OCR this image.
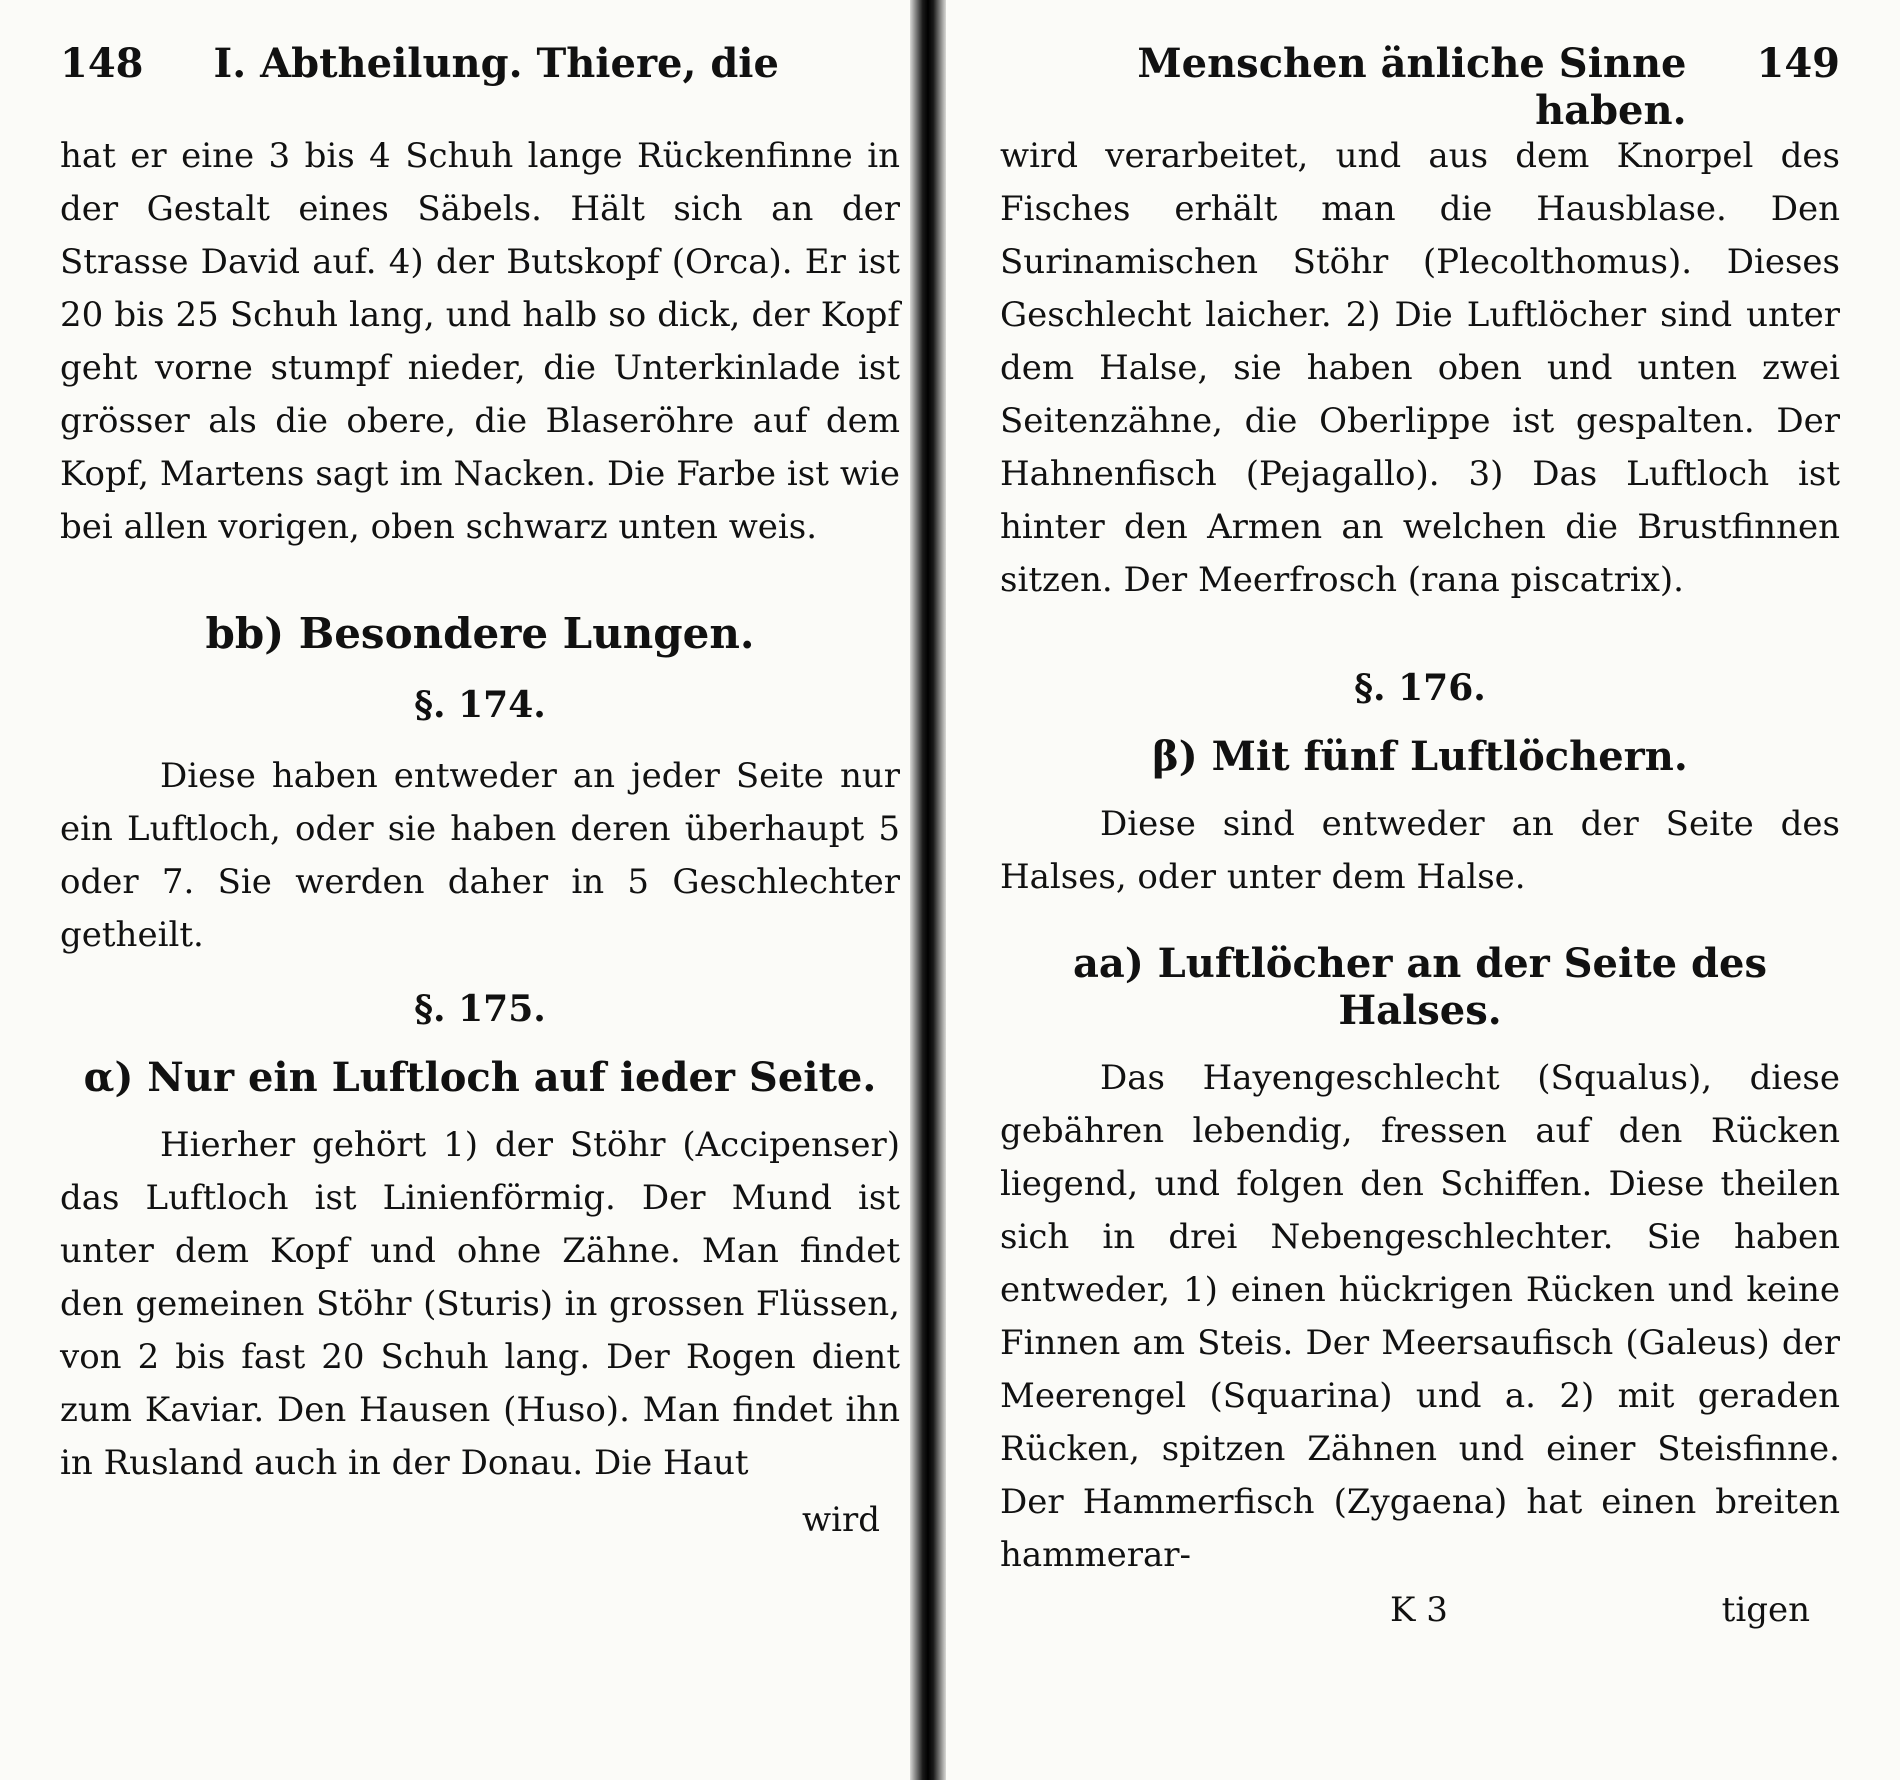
148	I. Abtheilung. Thiere, die

hat er eine 3 bis 4 Schuh lange Rückenfinne in der Gestalt eines Säbels. Hält sich an der Strasse David auf. 4) der Butskopf (Orca). Er ist 20 bis 25 Schuh lang, und halb so dick, der Kopf geht vorne stumpf nieder, die Unterkinlade ist grösser als die obere, die Blaseröhre auf dem Kopf, Martens sagt im Nacken. Die Farbe ist wie bei allen vorigen, oben schwarz unten weis.

bb) Besondere Lungen.
§. 174.

Diese haben entweder an jeder Seite nur ein Luftloch, oder sie haben deren überhaupt 5 oder 7. Sie werden daher in 5 Geschlechter getheilt.

§. 175.
α) Nur ein Luftloch auf ieder Seite.

Hierher gehört 1) der Stöhr (Accipenser) das Luftloch ist Linienförmig. Der Mund ist unter dem Kopf und ohne Zähne. Man findet den gemeinen Stöhr (Sturis) in grossen Flüssen, von 2 bis fast 20 Schuh lang. Der Rogen dient zum Kaviar. Den Hausen (Huso). Man findet ihn in Rusland auch in der Donau. Die Haut

wird
Menschen änliche Sinne haben.
149

wird verarbeitet, und aus dem Knorpel des Fisches erhält man die Hausblase. Den Surinamischen Stöhr (Plecolthomus). Dieses Geschlecht laicher. 2) Die Luftlöcher sind unter dem Halse, sie haben oben und unten zwei Seitenzähne, die Oberlippe ist gespalten. Der Hahnenfisch (Pejagallo). 3) Das Luftloch ist hinter den Armen an welchen die Brustfinnen sitzen. Der Meerfrosch (rana piscatrix).

§. 176.
β) Mit fünf Luftlöchern.

Diese sind entweder an der Seite des Halses, oder unter dem Halse.

aa) Luftlöcher an der Seite des Halses.

Das Hayengeschlecht (Squalus), diese gebähren lebendig, fressen auf den Rücken liegend, und folgen den Schiffen. Diese theilen sich in drei Nebengeschlechter. Sie haben entweder, 1) einen hückrigen Rücken und keine Finnen am Steis. Der Meersaufisch (Galeus) der Meerengel (Squarina) und a. 2) mit geraden Rücken, spitzen Zähnen und einer Steisfinne. Der Hammerfisch (Zygaena) hat einen breiten hammerar-

K 3	tigen
